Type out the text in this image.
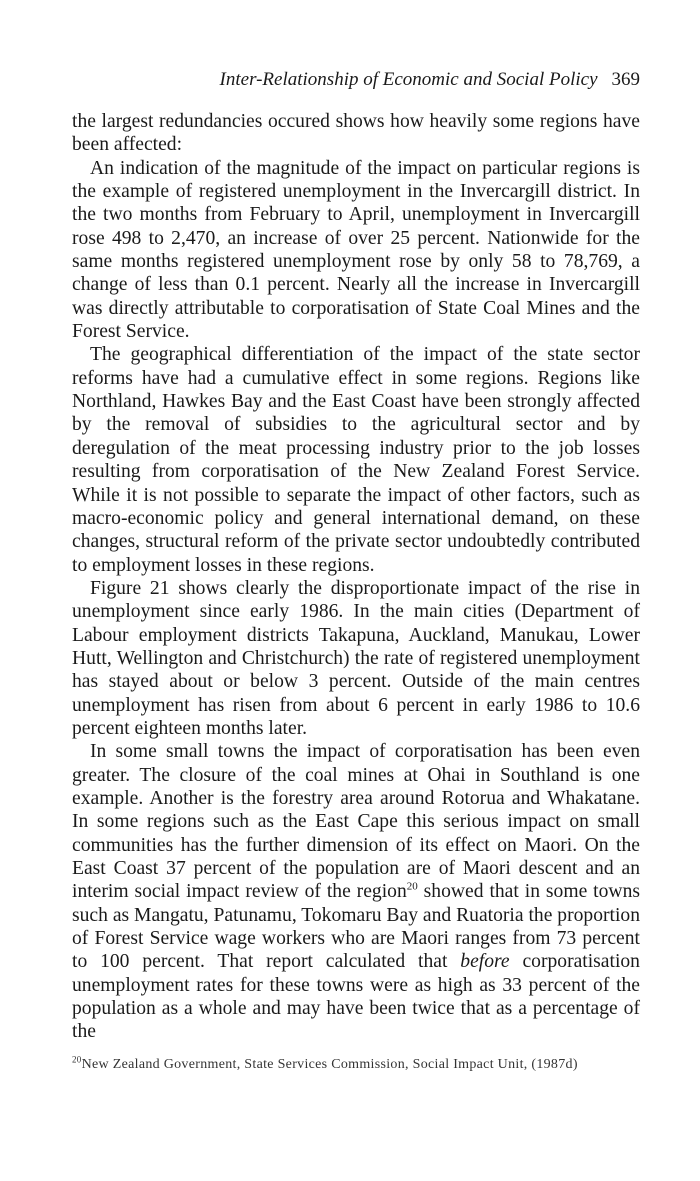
Inter-Relationship of Economic and Social Policy 369

the largest redundancies occured shows how heavily some regions have been affected:

An indication of the magnitude of the impact on particular regions is the example of registered unemployment in the Invercargill district. In the two months from February to April, unemployment in Invercargill rose 498 to 2,470, an increase of over 25 percent. Nationwide for the same months registered unemployment rose by only 58 to 78,769, a change of less than 0.1 percent. Nearly all the increase in Invercargill was directly attributable to corporatisation of State Coal Mines and the Forest Service.

The geographical differentiation of the impact of the state sector reforms have had a cumulative effect in some regions. Regions like Northland, Hawkes Bay and the East Coast have been strongly affected by the removal of subsidies to the agricultural sector and by deregulation of the meat processing industry prior to the job losses resulting from corporatisation of the New Zealand Forest Service. While it is not possible to separate the impact of other factors, such as macro-economic policy and general international demand, on these changes, structural reform of the private sector undoubtedly contributed to employment losses in these regions.

Figure 21 shows clearly the disproportionate impact of the rise in unemployment since early 1986. In the main cities (Department of Labour employment districts Takapuna, Auckland, Manukau, Lower Hutt, Wellington and Christchurch) the rate of registered unemployment has stayed about or below 3 percent. Outside of the main centres unemployment has risen from about 6 percent in early 1986 to 10.6 percent eighteen months later.

In some small towns the impact of corporatisation has been even greater. The closure of the coal mines at Ohai in Southland is one example. Another is the forestry area around Rotorua and Whakatane. In some regions such as the East Cape this serious impact on small communities has the further dimension of its effect on Maori. On the East Coast 37 percent of the population are of Maori descent and an interim social impact review of the region$^{20}$ showed that in some towns such as Mangatu, Patunamu, Tokomaru Bay and Ruatoria the proportion of Forest Service wage workers who are Maori ranges from 73 percent to 100 percent. That report calculated that before corporatisation unemployment rates for these towns were as high as 33 percent of the population as a whole and may have been twice that as a percentage of the

$^{20}$New Zealand Government, State Services Commission, Social Impact Unit, (1987d)
